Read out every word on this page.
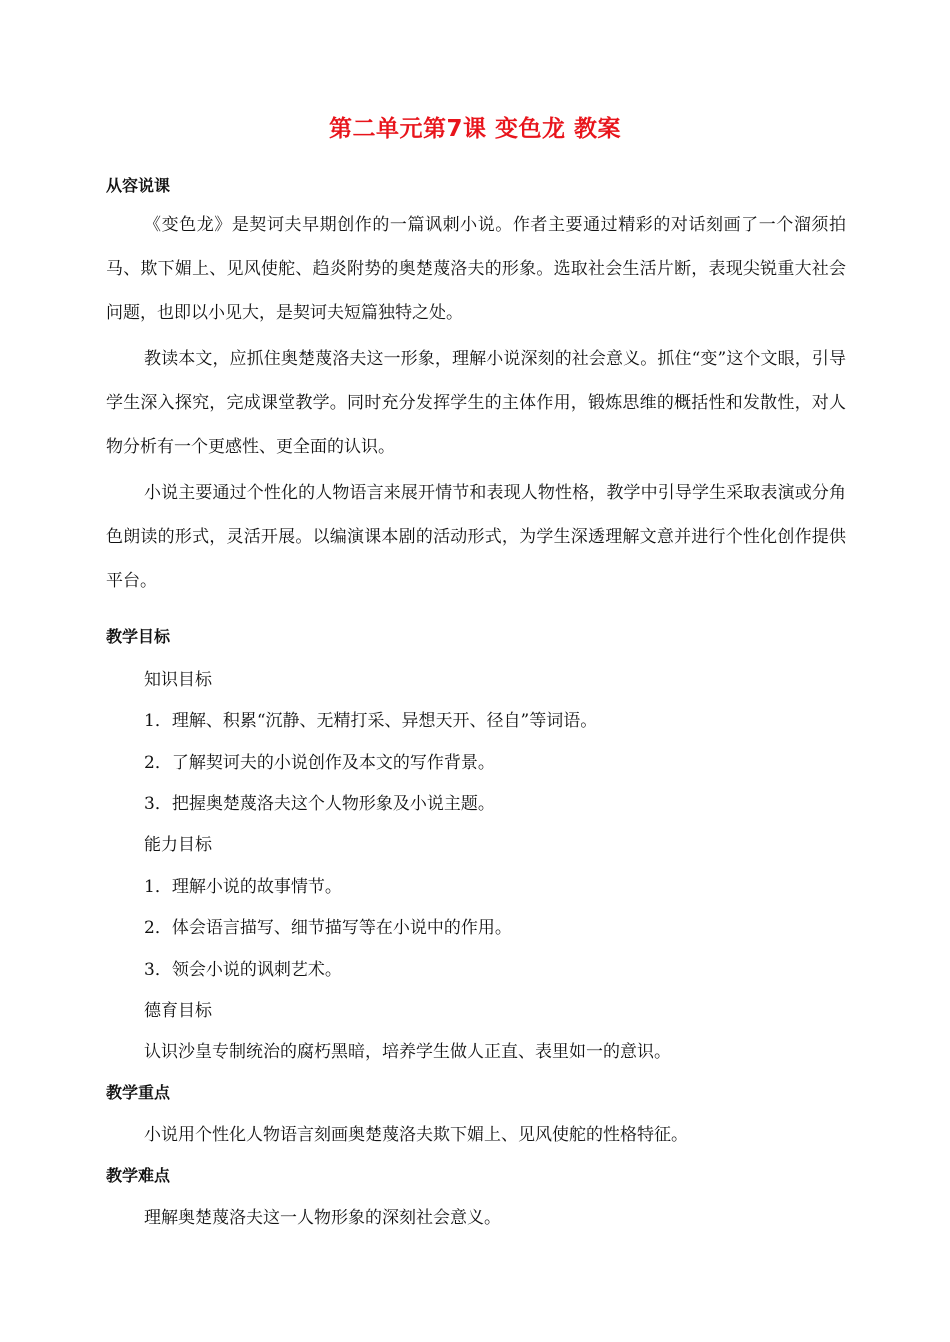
第二单元第7课 变色龙 教案
从容说课

《变色龙》是契诃夫早期创作的一篇讽刺小说。作者主要通过精彩的对话刻画了一个溜须拍马、欺下媚上、见风使舵、趋炎附势的奥楚蔑洛夫的形象。选取社会生活片断，表现尖锐重大社会问题，也即以小见大，是契诃夫短篇独特之处。

教读本文，应抓住奥楚蔑洛夫这一形象，理解小说深刻的社会意义。抓住“变”这个文眼，引导学生深入探究，完成课堂教学。同时充分发挥学生的主体作用，锻炼思维的概括性和发散性，对人物分析有一个更感性、更全面的认识。

小说主要通过个性化的人物语言来展开情节和表现人物性格，教学中引导学生采取表演或分角色朗读的形式，灵活开展。以编演课本剧的活动形式，为学生深透理解文意并进行个性化创作提供平台。

教学目标

知识目标

1．理解、积累“沉静、无精打采、异想天开、径自”等词语。

2．了解契诃夫的小说创作及本文的写作背景。

3．把握奥楚蔑洛夫这个人物形象及小说主题。

能力目标

1．理解小说的故事情节。

2．体会语言描写、细节描写等在小说中的作用。

3．领会小说的讽刺艺术。

德育目标

认识沙皇专制统治的腐朽黑暗，培养学生做人正直、表里如一的意识。

教学重点

小说用个性化人物语言刻画奥楚蔑洛夫欺下媚上、见风使舵的性格特征。

教学难点

理解奥楚蔑洛夫这一人物形象的深刻社会意义。
